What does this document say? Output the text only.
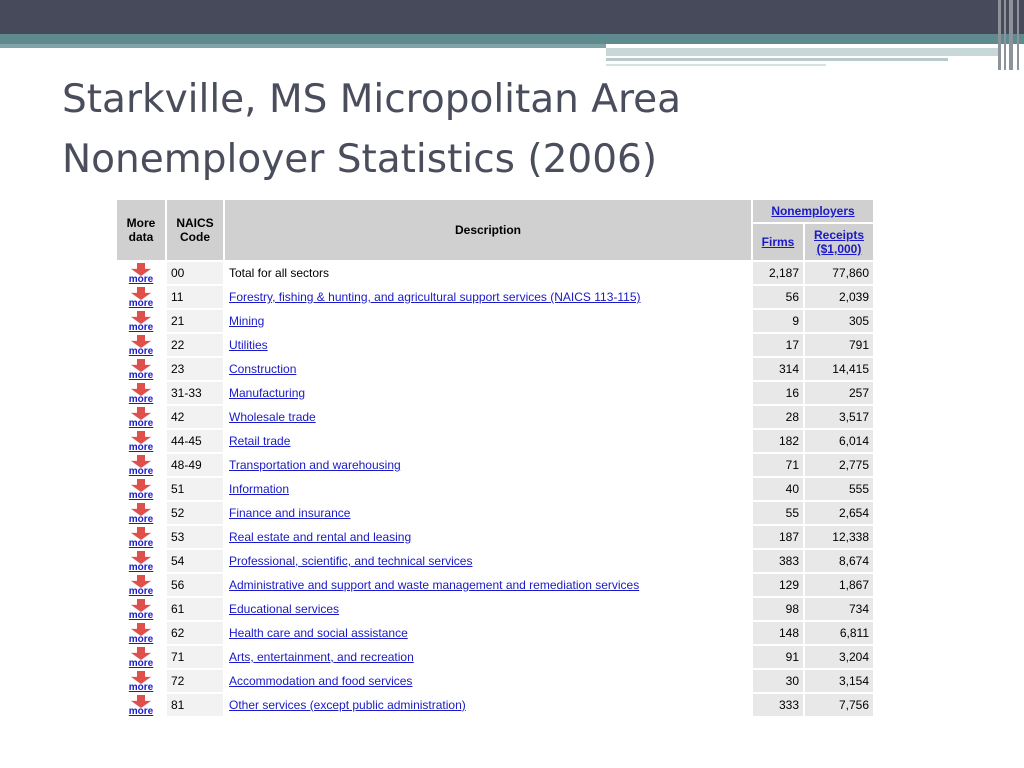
Starkville, MS Micropolitan Area
Nonemployer Statistics (2006)
More data	NAICS Code	Description	Nonemployers	
			Firms	Receipts ($1,000)

more	00	Total for all sectors	2,187	77,860

more	11	Forestry, fishing & hunting, and agricultural support services (NAICS 113-115)	56	2,039

more	21	Mining	9	305

more	22	Utilities	17	791

more	23	Construction	314	14,415

more	31-33	Manufacturing	16	257

more	42	Wholesale trade	28	3,517

more	44-45	Retail trade	182	6,014

more	48-49	Transportation and warehousing	71	2,775

more	51	Information	40	555

more	52	Finance and insurance	55	2,654

more	53	Real estate and rental and leasing	187	12,338

more	54	Professional, scientific, and technical services	383	8,674

more	56	Administrative and support and waste management and remediation services	129	1,867

more	61	Educational services	98	734

more	62	Health care and social assistance	148	6,811

more	71	Arts, entertainment, and recreation	91	3,204

more	72	Accommodation and food services	30	3,154

more	81	Other services (except public administration)	333	7,756
